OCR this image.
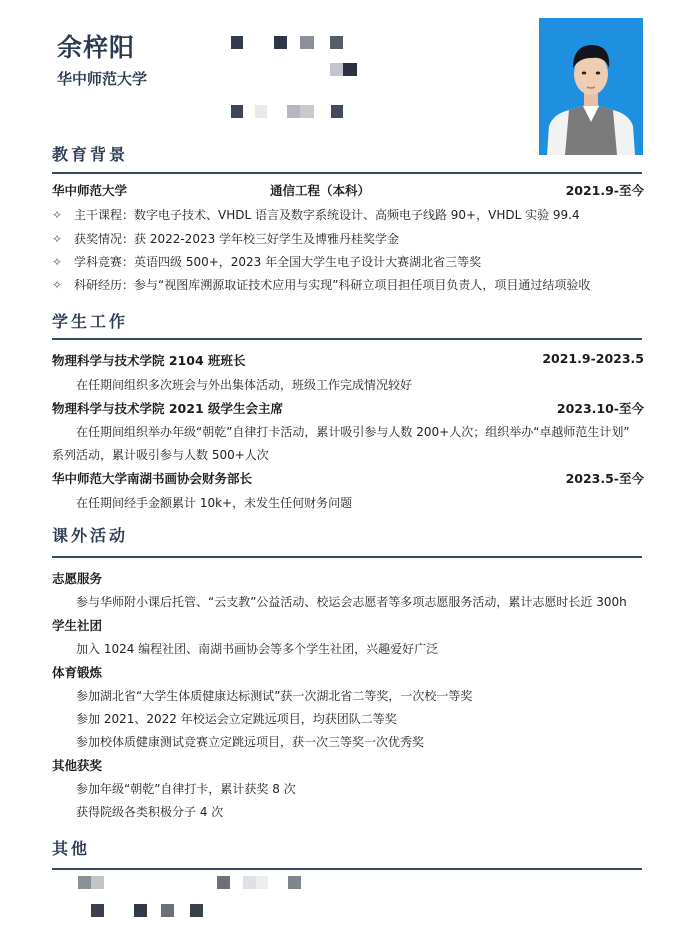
余梓阳
华中师范大学
教育背景
华中师范大学	通信工程（本科）	2021.9-至今
✧ 主干课程：数字电子技术、VHDL 语言及数字系统设计、高频电子线路 90+，VHDL 实验 99.4
✧ 获奖情况：获 2022-2023 学年校三好学生及博雅丹桂奖学金
✧ 学科竞赛：英语四级 500+，2023 年全国大学生电子设计大赛湖北省三等奖
✧ 科研经历：参与“视图库溯源取证技术应用与实现”科研立项目担任项目负责人，项目通过结项验收
学生工作
物理科学与技术学院 2104 班班长	2021.9-2023.5
在任期间组织多次班会与外出集体活动，班级工作完成情况较好
物理科学与技术学院 2021 级学生会主席	2023.10-至今
在任期间组织举办年级“朝乾”自律打卡活动，累计吸引参与人数 200+人次；组织举办“卓越师范生计划”
系列活动，累计吸引参与人数 500+人次
华中师范大学南湖书画协会财务部长	2023.5-至今
在任期间经手金额累计 10k+，未发生任何财务问题
课外活动
志愿服务
参与华师附小课后托管、“云支教”公益活动、校运会志愿者等多项志愿服务活动，累计志愿时长近 300h
学生社团
加入 1024 编程社团、南湖书画协会等多个学生社团，兴趣爱好广泛
体育锻炼
参加湖北省“大学生体质健康达标测试”获一次湖北省二等奖，一次校一等奖
参加 2021、2022 年校运会立定跳远项目，均获团队二等奖
参加校体质健康测试竞赛立定跳远项目，获一次三等奖一次优秀奖
其他获奖
参加年级“朝乾”自律打卡，累计获奖 8 次
获得院级各类积极分子 4 次
其他
